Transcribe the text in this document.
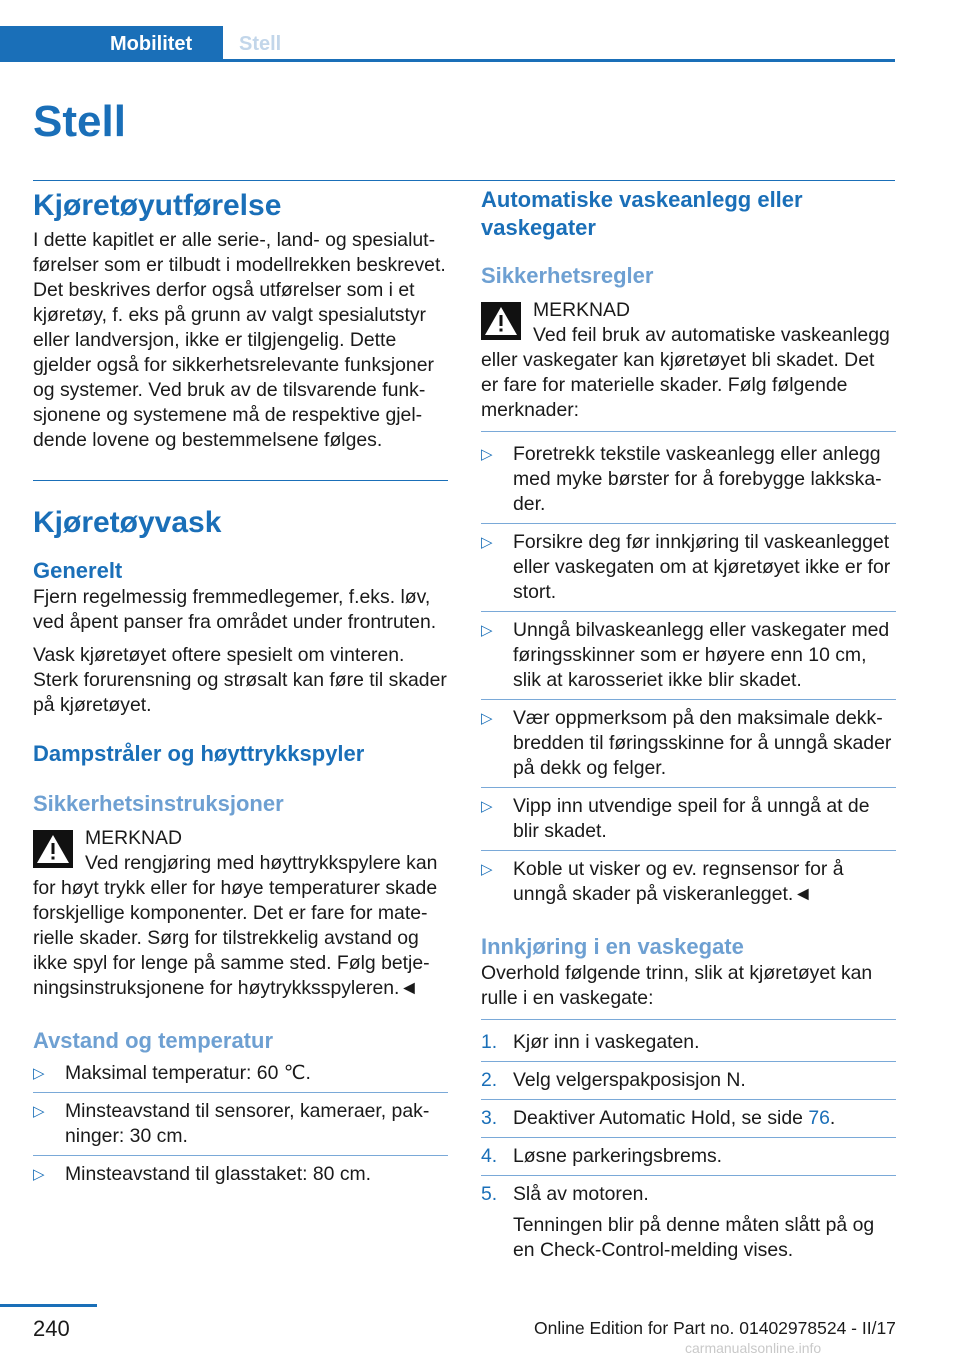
Mobilitet	Stell
Stell
Kjøretøyutførelse
I dette kapitlet er alle serie-, land- og spesialutførelser som er tilbudt i modellrekken beskrevet. Det beskrives derfor også utførelser som i et kjøretøy, f. eks på grunn av valgt spesialutstyr eller landversjon, ikke er tilgjengelig. Dette gjelder også for sikkerhetsrelevante funksjoner og systemer. Ved bruk av de tilsvarende funksjonene og systemene må de respektive gjeldende lovene og bestemmelsene følges.
Kjøretøyvask
Generelt
Fjern regelmessig fremmedlegemer, f.eks. løv, ved åpent panser fra området under frontruten.
Vask kjøretøyet oftere spesielt om vinteren. Sterk forurensning og strøsalt kan føre til skader på kjøretøyet.
Dampstråler og høyttrykkspyler
Sikkerhetsinstruksjoner
MERKNAD
Ved rengjøring med høyttrykkspylere kan for høyt trykk eller for høye temperaturer skade forskjellige komponenter. Det er fare for materielle skader. Sørg for tilstrekkelig avstand og ikke spyl for lenge på samme sted. Følg betjeningsinstruksjonene for høytrykksspyleren.◄
Avstand og temperatur
▷ Maksimal temperatur: 60 ℃.
▷ Minsteavstand til sensorer, kameraer, pakninger: 30 cm.
▷ Minsteavstand til glasstaket: 80 cm.
Automatiske vaskeanlegg eller vaskegater
Sikkerhetsregler
MERKNAD
Ved feil bruk av automatiske vaskeanlegg eller vaskegater kan kjøretøyet bli skadet. Det er fare for materielle skader. Følg følgende merknader:
▷ Foretrekk tekstile vaskeanlegg eller anlegg med myke børster for å forebygge lakkskader.
▷ Forsikre deg før innkjøring til vaskeanlegget eller vaskegaten om at kjøretøyet ikke er for stort.
▷ Unngå bilvaskeanlegg eller vaskegater med føringsskinner som er høyere enn 10 cm, slik at karosseriet ikke blir skadet.
▷ Vær oppmerksom på den maksimale dekkbredden til føringsskinne for å unngå skader på dekk og felger.
▷ Vipp inn utvendige speil for å unngå at de blir skadet.
▷ Koble ut visker og ev. regnsensor for å unngå skader på viskeranlegget.◄
Innkjøring i en vaskegate
Overhold følgende trinn, slik at kjøretøyet kan rulle i en vaskegate:
1. Kjør inn i vaskegaten.
2. Velg velgerspakposisjon N.
3. Deaktiver Automatic Hold, se side 76.
4. Løsne parkeringsbrems.
5. Slå av motoren.
Tenningen blir på denne måten slått på og en Check-Control-melding vises.
240	Online Edition for Part no. 01402978524 - II/17
carmanualsonline.info
